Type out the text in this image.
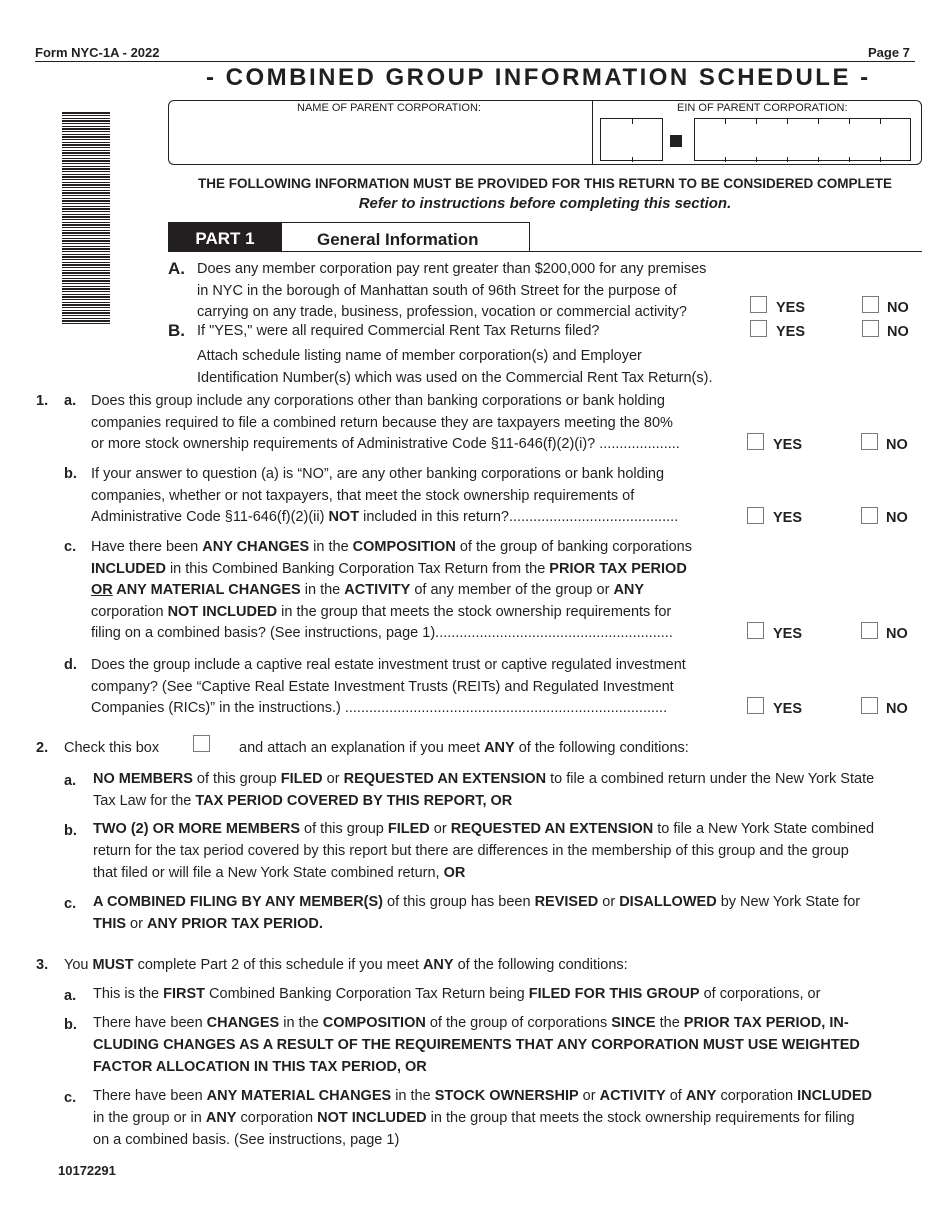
Form NYC-1A - 2022	Page 7
- COMBINED GROUP INFORMATION SCHEDULE -
NAME OF PARENT CORPORATION:	EIN OF PARENT CORPORATION:
THE FOLLOWING INFORMATION MUST BE PROVIDED FOR THIS RETURN TO BE CONSIDERED COMPLETE
Refer to instructions before completing this section.
PART 1	General Information
A. Does any member corporation pay rent greater than $200,000 for any premises
in NYC in the borough of Manhattan south of 96th Street for the purpose of
carrying on any trade, business, profession, vocation or commercial activity?	YES	NO
B. If "YES," were all required Commercial Rent Tax Returns filed?	YES	NO
Attach schedule listing name of member corporation(s) and Employer
Identification Number(s) which was used on the Commercial Rent Tax Return(s).
1. a. Does this group include any corporations other than banking corporations or bank holding
companies required to file a combined return because they are taxpayers meeting the 80%
or more stock ownership requirements of Administrative Code §11-646(f)(2)(i)? ....................	YES	NO
b. If your answer to question (a) is “NO”, are any other banking corporations or bank holding
companies, whether or not taxpayers, that meet the stock ownership requirements of
Administrative Code §11-646(f)(2)(ii) NOT included in this return?..........................................	YES	NO
c. Have there been ANY CHANGES in the COMPOSITION of the group of banking corporations
INCLUDED in this Combined Banking Corporation Tax Return from the PRIOR TAX PERIOD
OR ANY MATERIAL CHANGES in the ACTIVITY of any member of the group or ANY
corporation NOT INCLUDED in the group that meets the stock ownership requirements for
filing on a combined basis? (See instructions, page 1)...........................................................	YES	NO
d. Does the group include a captive real estate investment trust or captive regulated investment
company? (See “Captive Real Estate Investment Trusts (REITs) and Regulated Investment
Companies (RICs)” in the instructions.) ................................................................................	YES	NO
2. Check this box	and attach an explanation if you meet ANY of the following conditions:
a. NO MEMBERS of this group FILED or REQUESTED AN EXTENSION to file a combined return under the New York State
Tax Law for the TAX PERIOD COVERED BY THIS REPORT, OR
b. TWO (2) OR MORE MEMBERS of this group FILED or REQUESTED AN EXTENSION to file a New York State combined
return for the tax period covered by this report but there are differences in the membership of this group and the group
that filed or will file a New York State combined return, OR
c. A COMBINED FILING BY ANY MEMBER(S) of this group has been REVISED or DISALLOWED by New York State for
THIS or ANY PRIOR TAX PERIOD.
3. You MUST complete Part 2 of this schedule if you meet ANY of the following conditions:
a. This is the FIRST Combined Banking Corporation Tax Return being FILED FOR THIS GROUP of corporations, or
b. There have been CHANGES in the COMPOSITION of the group of corporations SINCE the PRIOR TAX PERIOD, IN-
CLUDING CHANGES AS A RESULT OF THE REQUIREMENTS THAT ANY CORPORATION MUST USE WEIGHTED
FACTOR ALLOCATION IN THIS TAX PERIOD, OR
c. There have been ANY MATERIAL CHANGES in the STOCK OWNERSHIP or ACTIVITY of ANY corporation INCLUDED
in the group or in ANY corporation NOT INCLUDED in the group that meets the stock ownership requirements for filing
on a combined basis. (See instructions, page 1)
10172291
